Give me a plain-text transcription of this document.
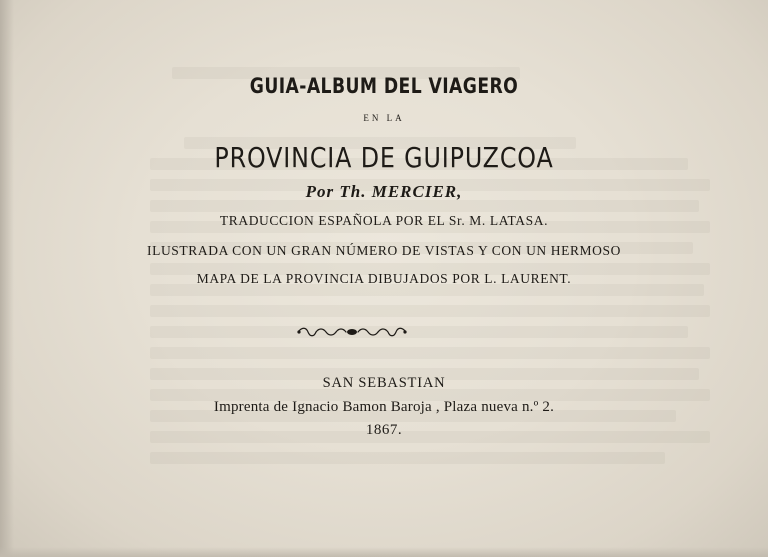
GUIA-ALBUM DEL VIAGERO
EN LA
PROVINCIA DE GUIPUZCOA
Por Th. MERCIER,
TRADUCCION ESPAÑOLA POR EL Sr. M. LATASA.
ILUSTRADA CON UN GRAN NÚMERO DE VISTAS Y CON UN HERMOSO
MAPA DE LA PROVINCIA DIBUJADOS POR L. LAURENT.
SAN SEBASTIAN
Imprenta de Ignacio Bamon Baroja , Plaza nueva n.º 2.
1867.
